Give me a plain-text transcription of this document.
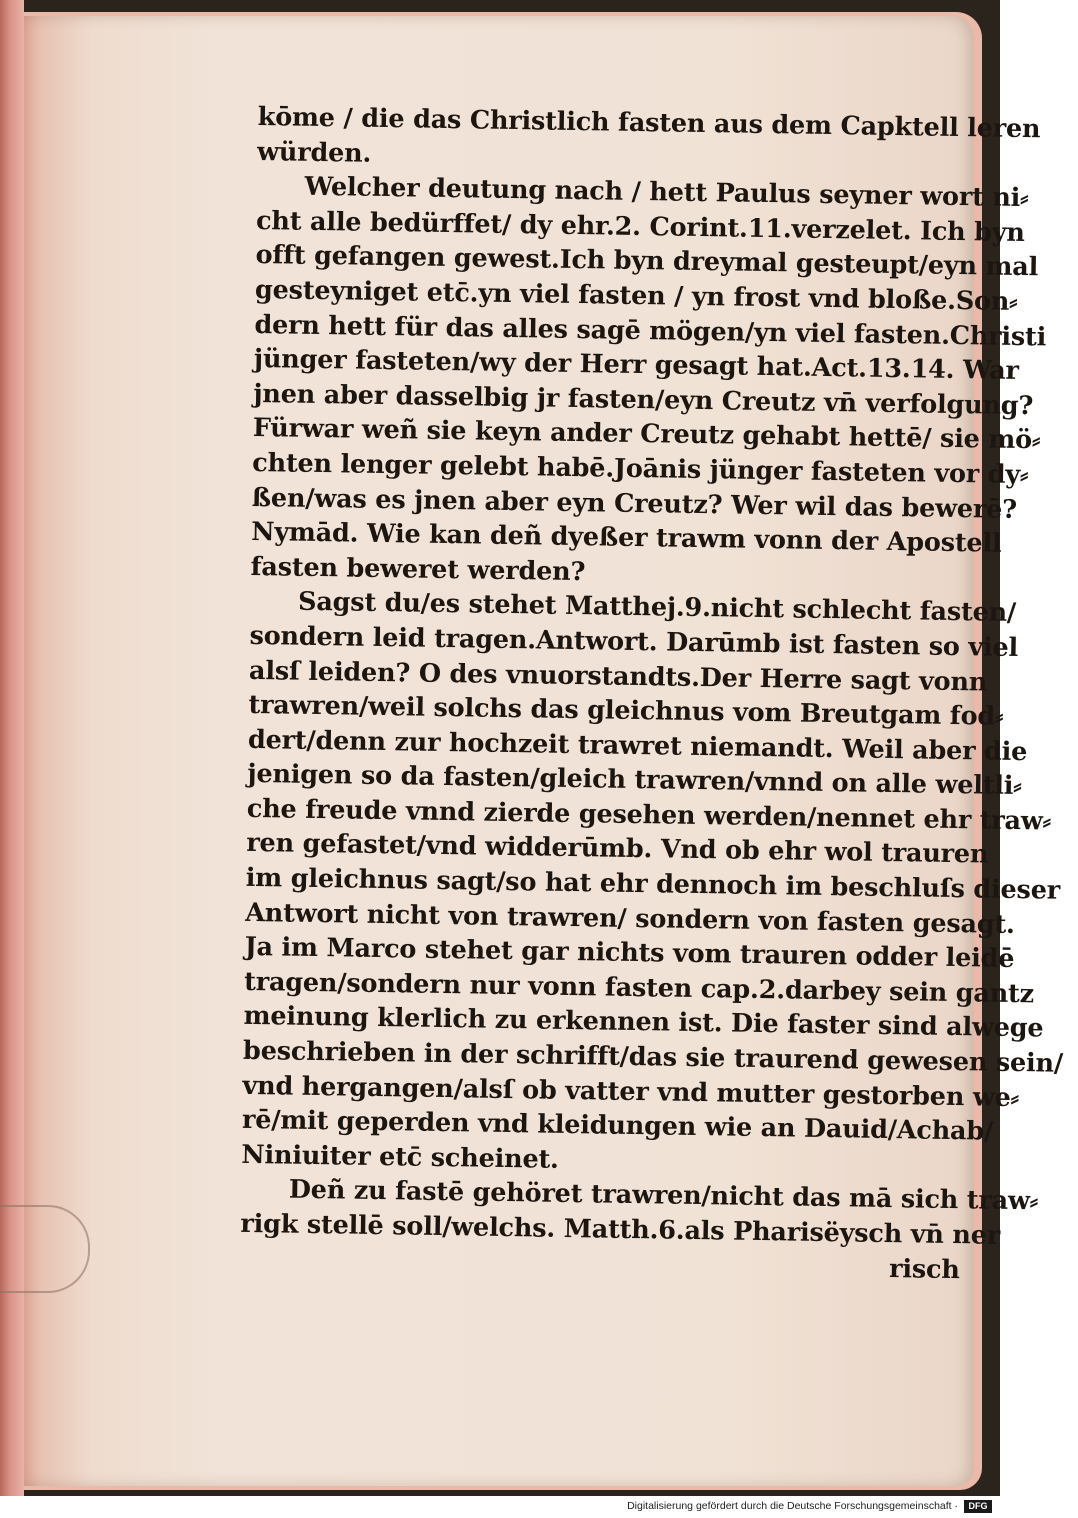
kōme / die das Christlich fasten aus dem Capktell leren
würden.
Welcher deutung nach / hett Paulus seyner wort ni⸗
cht alle bedürffet/ dy ehr.2. Corint.11.verzelet. Ich byn
offt gefangen gewest.Ich byn dreymal gesteupt/eyn mal
gesteyniget etc̄.yn viel fasten / yn frost vnd bloße.Son⸗
dern hett für das alles sagē mögen/yn viel fasten.Christi
jünger fasteten/wy der Herr gesagt hat.Act.13.14. War
jnen aber dasselbig jr fasten/eyn Creutz vn̄ verfolgung?
Fürwar weñ sie keyn ander Creutz gehabt hettē/ sie mö⸗
chten lenger gelebt habē.Joānis jünger fasteten vor dy⸗
ßen/was es jnen aber eyn Creutz? Wer wil das bewerē?
Nymād. Wie kan deñ dyeßer trawm vonn der Apostell
fasten beweret werden?
Sagst du/es stehet Matthej.9.nicht schlecht fasten/
sondern leid tragen.Antwort. Darūmb ist fasten so viel
alsſ leiden? O des vnuorstandts.Der Herre sagt vonn
trawren/weil solchs das gleichnus vom Breutgam fod⸗
dert/denn zur hochzeit trawret niemandt. Weil aber die
jenigen so da fasten/gleich trawren/vnnd on alle weltli⸗
che freude vnnd zierde gesehen werden/nennet ehr traw⸗
ren gefastet/vnd widderūmb. Vnd ob ehr wol trauren
im gleichnus sagt/so hat ehr dennoch im beschluſs dieser
Antwort nicht von trawren/ sondern von fasten gesagt.
Ja im Marco stehet gar nichts vom trauren odder leidē
tragen/sondern nur vonn fasten cap.2.darbey sein gantz
meinung klerlich zu erkennen ist. Die faster sind alwege
beschrieben in der schrifft/das sie traurend gewesen sein/
vnd hergangen/alsſ ob vatter vnd mutter gestorben we⸗
rē/mit geperden vnd kleidungen wie an Dauid/Achab/
Niniuiter etc̄ scheinet.
Deñ zu fastē gehöret trawren/nicht das mā sich traw⸗
rigk stellē soll/welchs. Matth.6.als Pharisëysch vn̄ ner
risch
Digitalisierung gefördert durch die Deutsche Forschungsgemeinschaft ·	DFG
